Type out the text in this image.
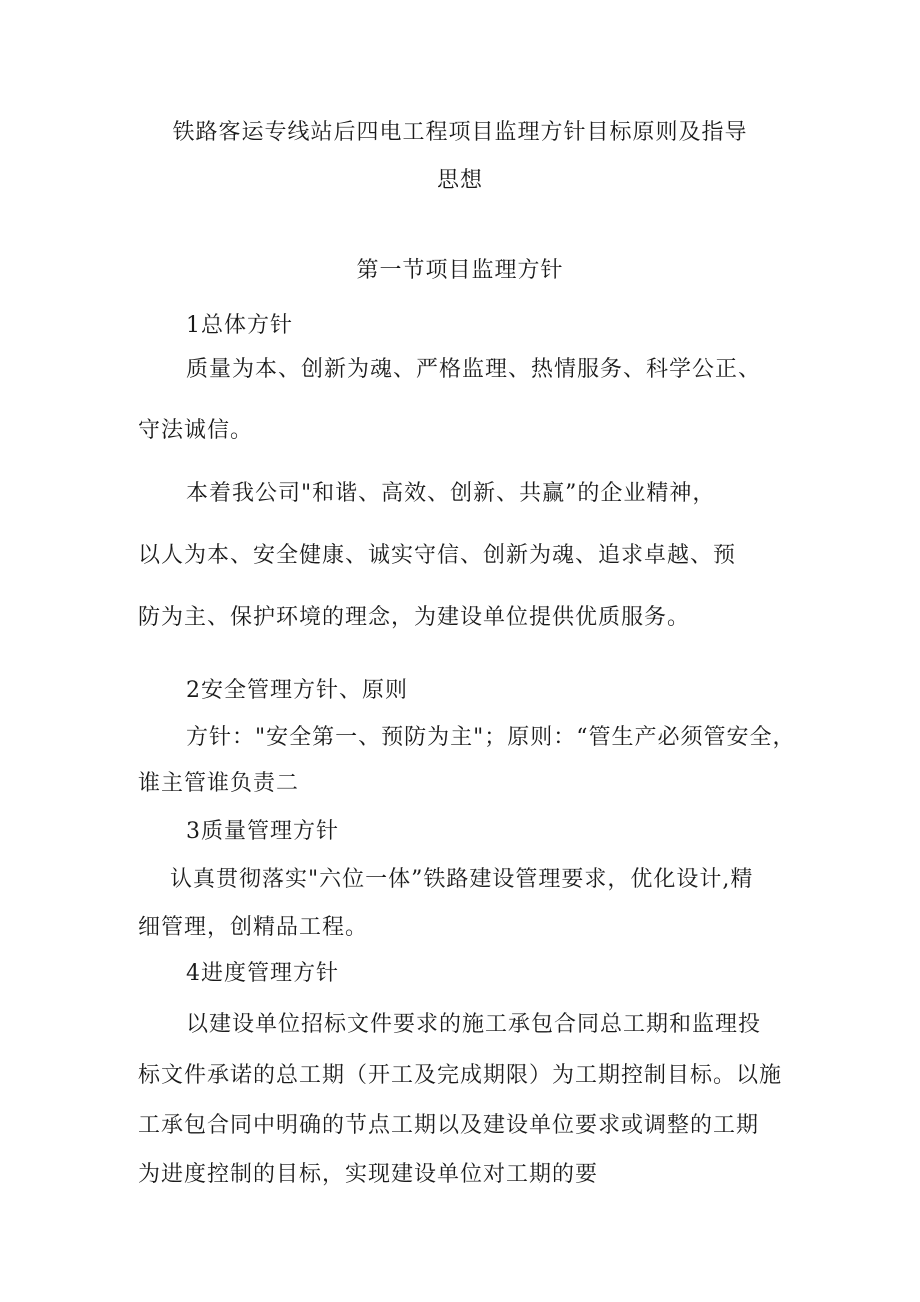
铁路客运专线站后四电工程项目监理方针目标原则及指导
思想
第一节项目监理方针
1总体方针
质量为本、创新为魂、严格监理、热情服务、科学公正、
守法诚信。
本着我公司"和谐、高效、创新、共赢”的企业精神，
以人为本、安全健康、诚实守信、创新为魂、追求卓越、预
防为主、保护环境的理念，为建设单位提供优质服务。
2安全管理方针、原则
方针："安全第一、预防为主"；原则：“管生产必须管安全，
谁主管谁负责二
3质量管理方针
认真贯彻落实"六位一体”铁路建设管理要求，优化设计,精
细管理，创精品工程。
4进度管理方针
以建设单位招标文件要求的施工承包合同总工期和监理投
标文件承诺的总工期（开工及完成期限）为工期控制目标。以施
工承包合同中明确的节点工期以及建设单位要求或调整的工期
为进度控制的目标，实现建设单位对工期的要
